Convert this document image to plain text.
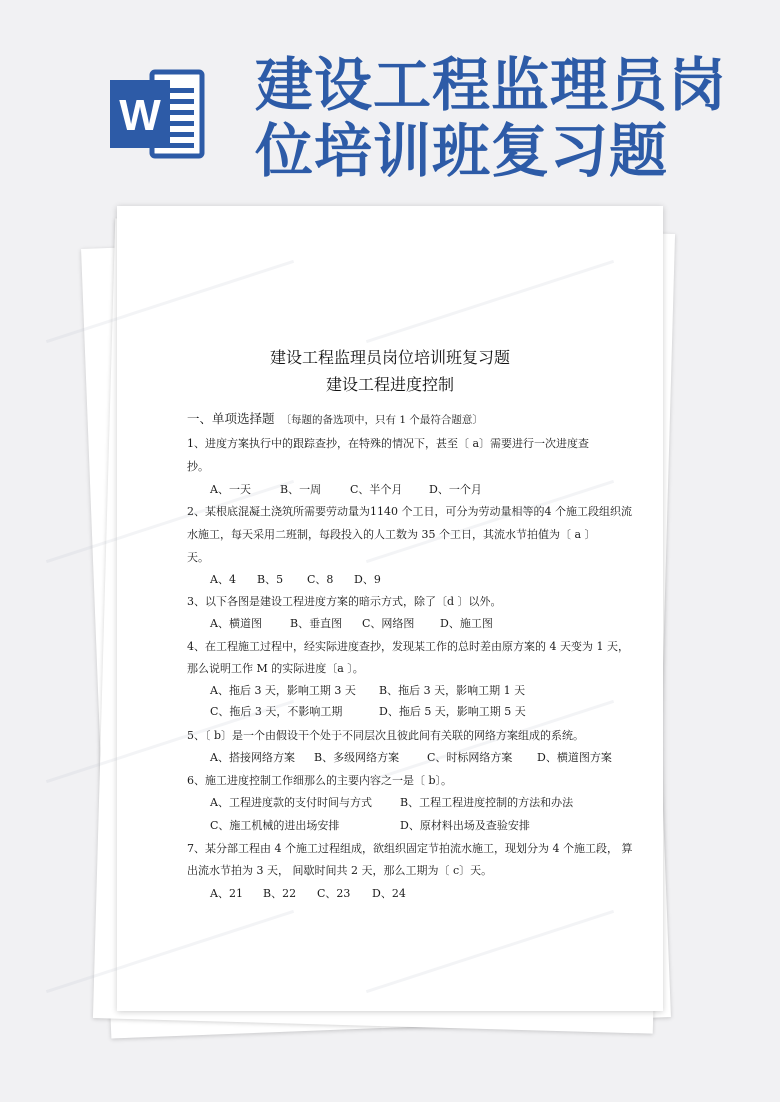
W 建设工程监理员岗
位培训班复习题
建设工程监理员岗位培训班复习题
建设工程进度控制
一、单项选择题 〔每题的备选项中，只有 1 个最符合题意〕
1、进度方案执行中的跟踪查抄，在特殊的情况下，甚至〔 a〕需要进行一次进度查
抄。
A、一天	B、一周	C、半个月 D、一个月
2、某根底混凝土浇筑所需要劳动量为1140 个工日，可分为劳动量相等的4 个施工段组织流
水施工，每天采用二班制，每段投入的人工数为 35 个工日，其流水节拍值为〔 a 〕
天。
A、4 B、5 C、8 D、9
3、以下各图是建设工程进度方案的暗示方式，除了〔d 〕以外。
A、横道图	B、垂直图 C、网络图 D、施工图
4、在工程施工过程中，经实际进度查抄，发现某工作的总时差由原方案的 4 天变为 1 天，
那么说明工作 M 的实际进度〔a 〕。
A、拖后 3 天，影响工期 3 天 B、拖后 3 天，影响工期 1 天
C、拖后 3 天，不影响工期	D、拖后 5 天，影响工期 5 天
5、〔 b〕是一个由假设干个处于不同层次且彼此间有关联的网络方案组成的系统。
A、搭接网络方案 B、多级网络方案	C、时标网络方案 D、横道图方案
6、施工进度控制工作细那么的主要内容之一是〔 b〕。
A、工程进度款的支付时间与方式	B、工程工程进度控制的方法和办法
C、施工机械的进出场安排	D、原材料出场及查验安排
7、某分部工程由 4 个施工过程组成，欲组织固定节拍流水施工，现划分为 4 个施工段， 算
出流水节拍为 3 天， 间歇时间共 2 天，那么工期为〔 c〕天。
A、21 B、22 C、23 D、24
